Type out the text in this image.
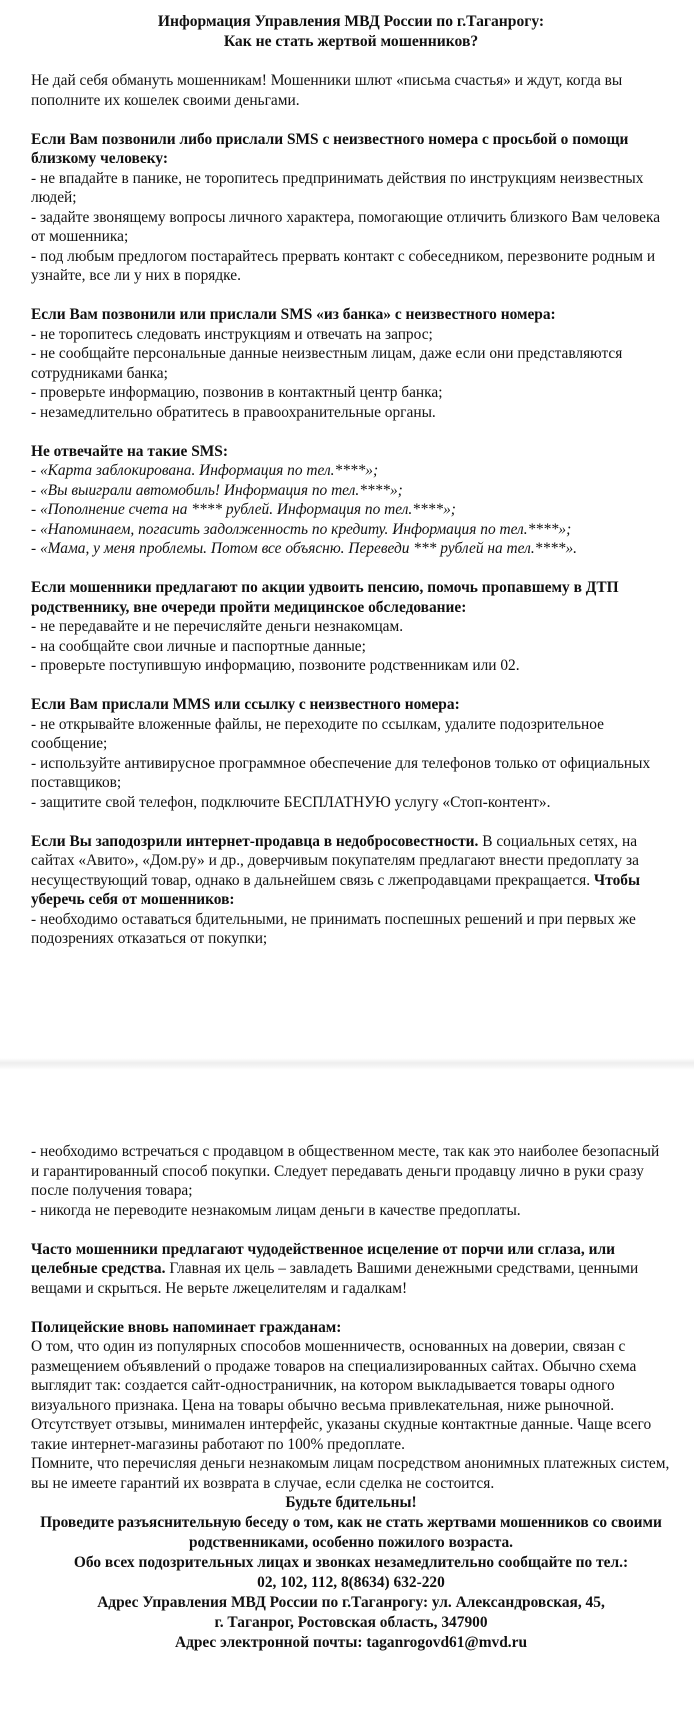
Информация Управления МВД России по г.Таганрогу:
Как не стать жертвой мошенников?

Не дай себя обмануть мошенникам! Мошенники шлют «письма счастья» и ждут, когда вы пополните их кошелек своими деньгами.

Если Вам позвонили либо прислали SMS с неизвестного номера с просьбой о помощи близкому человеку:
- не впадайте в панике, не торопитесь предпринимать действия по инструкциям неизвестных людей;
- задайте звонящему вопросы личного характера, помогающие отличить близкого Вам человека от мошенника;
- под любым предлогом постарайтесь прервать контакт с собеседником, перезвоните родным и узнайте, все ли у них в порядке.

Если Вам позвонили или прислали SMS «из банка» с неизвестного номера:
- не торопитесь следовать инструкциям и отвечать на запрос;
- не сообщайте персональные данные неизвестным лицам, даже если они представляются сотрудниками банка;
- проверьте информацию, позвонив в контактный центр банка;
- незамедлительно обратитесь в правоохранительные органы.

Не отвечайте на такие SMS:
- «Карта заблокирована. Информация по тел.****»;
- «Вы выиграли автомобиль! Информация по тел.****»;
- «Пополнение счета на **** рублей. Информация по тел.****»;
- «Напоминаем, погасить задолженность по кредиту. Информация по тел.****»;
- «Мама, у меня проблемы. Потом все объясню. Переведи *** рублей на тел.****».

Если мошенники предлагают по акции удвоить пенсию, помочь пропавшему в ДТП родственнику, вне очереди пройти медицинское обследование:
- не передавайте и не перечисляйте деньги незнакомцам.
- на сообщайте свои личные и паспортные данные;
- проверьте поступившую информацию, позвоните родственникам или 02.

Если Вам прислали MMS или ссылку с неизвестного номера:
- не открывайте вложенные файлы, не переходите по ссылкам, удалите подозрительное сообщение;
- используйте антивирусное программное обеспечение для телефонов только от официальных поставщиков;
- защитите свой телефон, подключите БЕСПЛАТНУЮ услугу «Стоп-контент».

Если Вы заподозрили интернет-продавца в недобросовестности. В социальных сетях, на сайтах «Авито», «Дом.ру» и др., доверчивым покупателям предлагают внести предоплату за несуществующий товар, однако в дальнейшем связь с лжепродавцами прекращается. Чтобы уберечь себя от мошенников:
- необходимо оставаться бдительными, не принимать поспешных решений и при первых же подозрениях отказаться от покупки;

- необходимо встречаться с продавцом в общественном месте, так как это наиболее безопасный и гарантированный способ покупки. Следует передавать деньги продавцу лично в руки сразу после получения товара;
- никогда не переводите незнакомым лицам деньги в качестве предоплаты.

Часто мошенники предлагают чудодейственное исцеление от порчи или сглаза, или целебные средства. Главная их цель – завладеть Вашими денежными средствами, ценными вещами и скрыться. Не верьте лжецелителям и гадалкам!

Полицейские вновь напоминает гражданам:
О том, что один из популярных способов мошенничеств, основанных на доверии, связан с размещением объявлений о продаже товаров на специализированных сайтах. Обычно схема выглядит так: создается сайт-одностраничник, на котором выкладывается товары одного визуального признака. Цена на товары обычно весьма привлекательная, ниже рыночной. Отсутствует отзывы, минимален интерфейс, указаны скудные контактные данные. Чаще всего такие интернет-магазины работают по 100% предоплате.
Помните, что перечисляя деньги незнакомым лицам посредством анонимных платежных систем, вы не имеете гарантий их возврата в случае, если сделка не состоится.
Будьте бдительны!
Проведите разъяснительную беседу о том, как не стать жертвами мошенников со своими родственниками, особенно пожилого возраста.
Обо всех подозрительных лицах и звонках незамедлительно сообщайте по тел.:
02, 102, 112, 8(8634) 632-220
Адрес Управления МВД России по г.Таганрогу: ул. Александровская, 45,
г. Таганрог, Ростовская область, 347900
Адрес электронной почты: taganrogovd61@mvd.ru
